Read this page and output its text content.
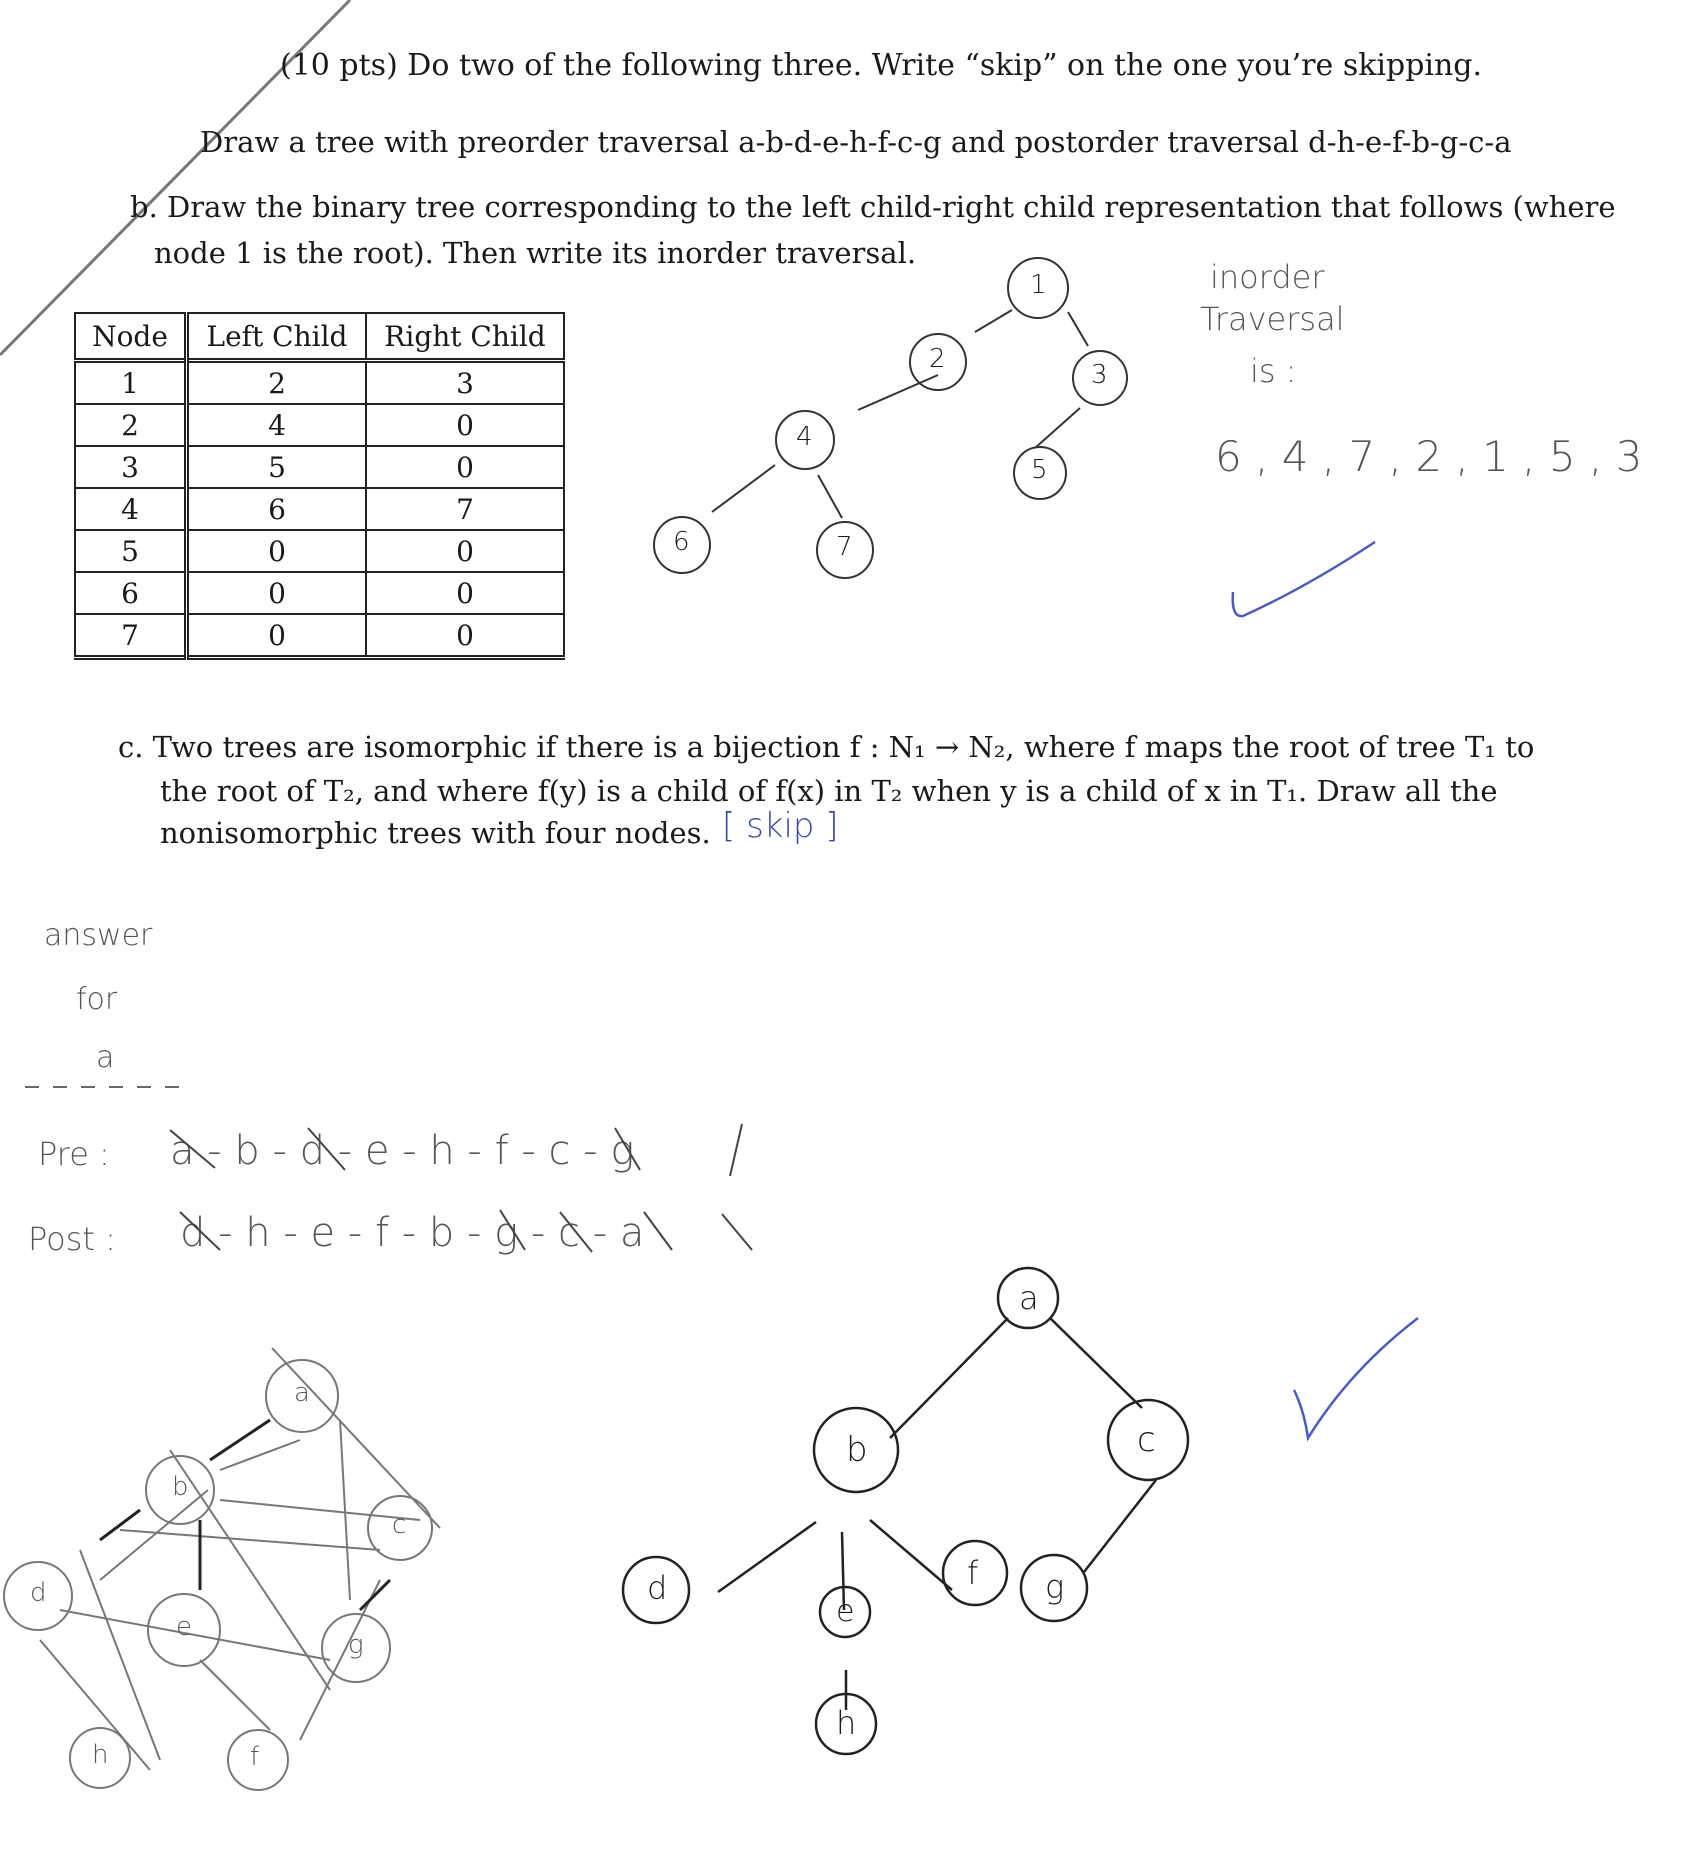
(10 pts) Do two of the following three. Write “skip” on the one you’re skipping.
Draw a tree with preorder traversal a-b-d-e-h-f-c-g and postorder traversal d-h-e-f-b-g-c-a
b. Draw the binary tree corresponding to the left child-right child representation that follows (where
node 1 is the root). Then write its inorder traversal.
Node	Left Child	Right Child
1	2	3
2	4	0
3	5	0
4	6	7
5	0	0
6	0	0
7	0	0
1
2
3
4
5
6	7
inorder
Traversal
is :
6 , 4 , 7 , 2 , 1 , 5 , 3
c. Two trees are isomorphic if there is a bijection f : N₁ → N₂, where f maps the root of tree T₁ to
the root of T₂, and where f(y) is a child of f(x) in T₂ when y is a child of x in T₁. Draw all the
nonisomorphic trees with four nodes. [ skip ]
answer
for
a
Pre : a - b - d - e - h - f - c - g
Post : d - h - e - f - b - g - c - a
a
b
c
d
e
f
g
h
a
b	c
d
e
f g
h
